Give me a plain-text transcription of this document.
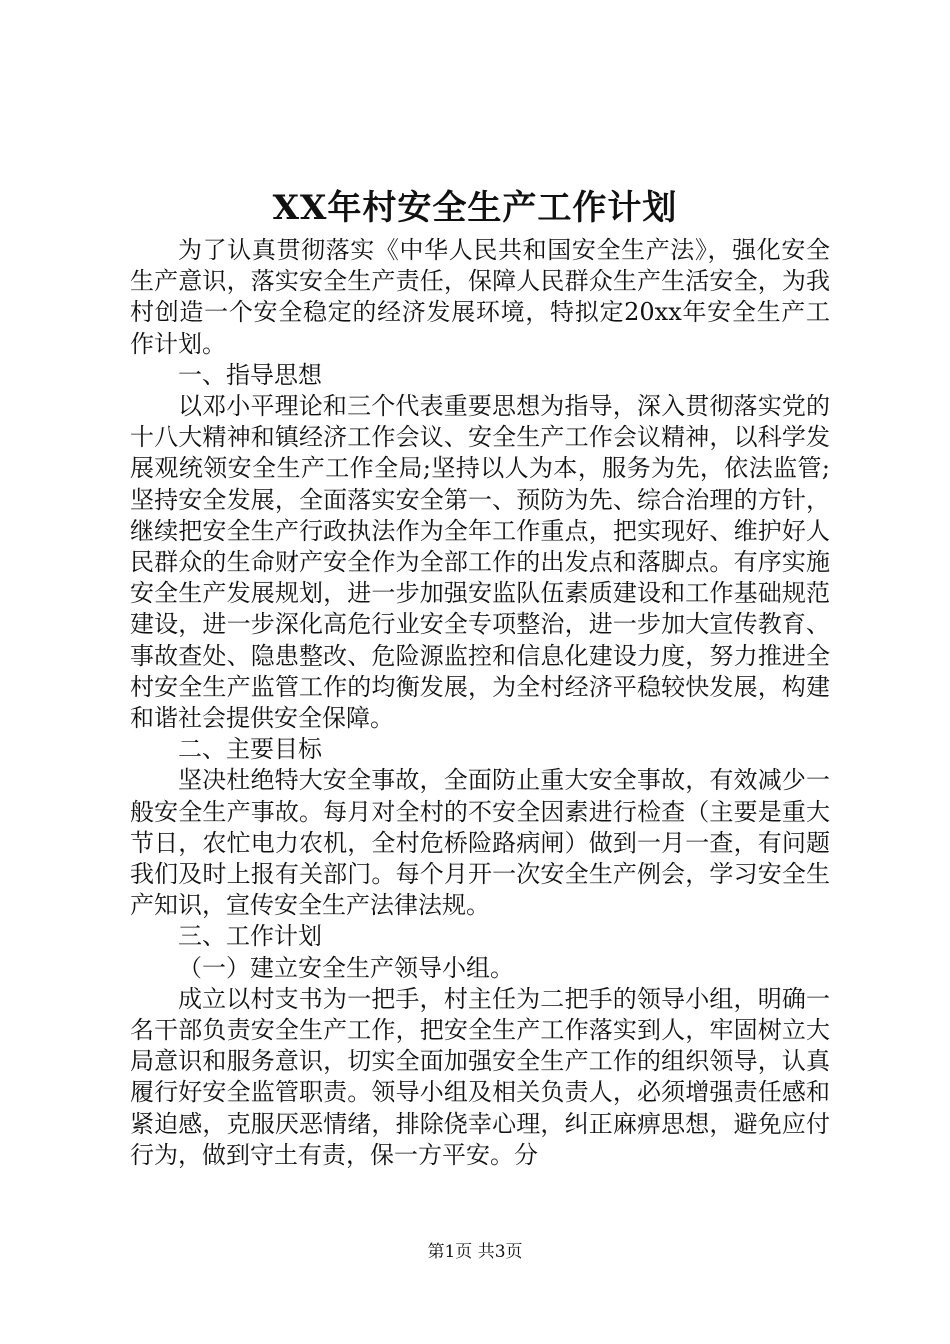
XX年村安全生产工作计划

为了认真贯彻落实《中华人民共和国安全生产法》，强化安全生产意识，落实安全生产责任，保障人民群众生产生活安全，为我村创造一个安全稳定的经济发展环境，特拟定20xx年安全生产工作计划。

一、指导思想

以邓小平理论和三个代表重要思想为指导，深入贯彻落实党的十八大精神和镇经济工作会议、安全生产工作会议精神，以科学发展观统领安全生产工作全局;坚持以人为本，服务为先，依法监管;坚持安全发展，全面落实安全第一、预防为先、综合治理的方针，继续把安全生产行政执法作为全年工作重点，把实现好、维护好人民群众的生命财产安全作为全部工作的出发点和落脚点。有序实施安全生产发展规划，进一步加强安监队伍素质建设和工作基础规范建设，进一步深化高危行业安全专项整治，进一步加大宣传教育、事故查处、隐患整改、危险源监控和信息化建设力度，努力推进全村安全生产监管工作的均衡发展，为全村经济平稳较快发展，构建和谐社会提供安全保障。

二、主要目标

坚决杜绝特大安全事故，全面防止重大安全事故，有效减少一般安全生产事故。每月对全村的不安全因素进行检查（主要是重大节日，农忙电力农机，全村危桥险路病闸）做到一月一查，有问题我们及时上报有关部门。每个月开一次安全生产例会，学习安全生产知识，宣传安全生产法律法规。

三、工作计划

（一）建立安全生产领导小组。

成立以村支书为一把手，村主任为二把手的领导小组，明确一名干部负责安全生产工作，把安全生产工作落实到人，牢固树立大局意识和服务意识，切实全面加强安全生产工作的组织领导，认真履行好安全监管职责。领导小组及相关负责人，必须增强责任感和紧迫感，克服厌恶情绪，排除侥幸心理，纠正麻痹思想，避免应付行为，做到守土有责，保一方平安。分

第1页 共3页
